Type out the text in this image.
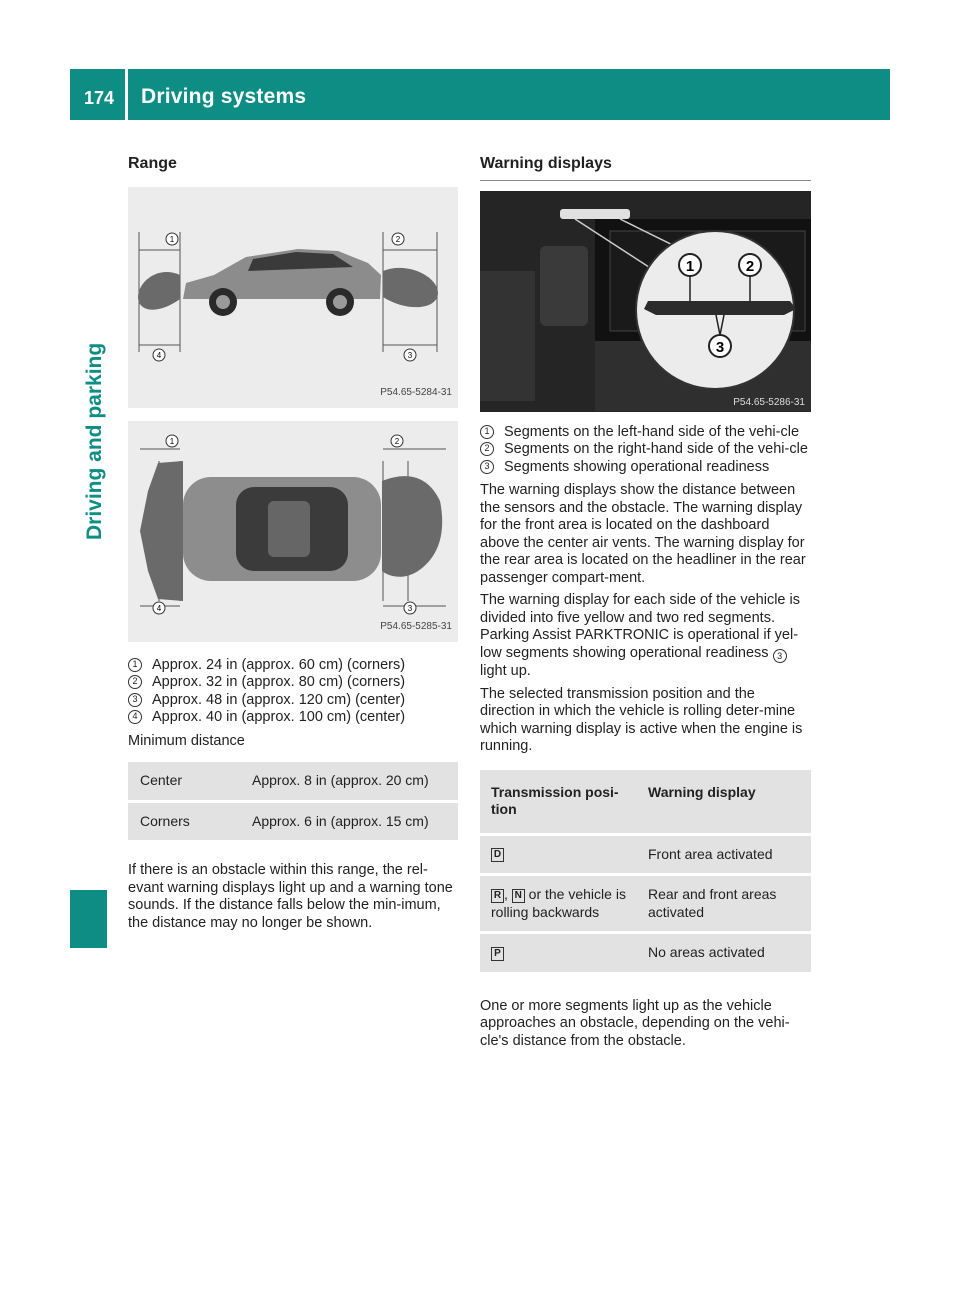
174 Driving systems
Driving and parking
Range
1	2
3
4
P54.65-5284-31
1	2
3
4
P54.65-5285-31
1	Approx. 24 in (approx. 60 cm) (corners)
2	Approx. 32 in (approx. 80 cm) (corners)
3	Approx. 48 in (approx. 120 cm) (center)
4	Approx. 40 in (approx. 100 cm) (center)

Minimum distance

Center	Approx. 8 in (approx. 20 cm)

Corners	Approx. 6 in (approx. 15 cm)

If there is an obstacle within this range, the rel-evant warning displays light up and a warning tone sounds. If the distance falls below the min-imum, the distance may no longer be shown.

Warning displays
1	2
3
P54.65-5286-31
1	Segments on the left-hand side of the vehi-cle
2	Segments on the right-hand side of the vehi-cle
3	Segments showing operational readiness

The warning displays show the distance between the sensors and the obstacle. The warning display for the front area is located on the dashboard above the center air vents. The warning display for the rear area is located on the headliner in the rear passenger compart-ment.

The warning display for each side of the vehicle is divided into five yellow and two red segments. Parking Assist PARKTRONIC is operational if yel-low segments showing operational readiness 3 light up.

The selected transmission position and the direction in which the vehicle is rolling deter-mine which warning display is active when the engine is running.

Transmission posi-tion	Warning display

D	Front area activated

R , N or the vehicle is rolling backwards	Rear and front areas activated

P	No areas activated

One or more segments light up as the vehicle approaches an obstacle, depending on the vehi-cle's distance from the obstacle.
